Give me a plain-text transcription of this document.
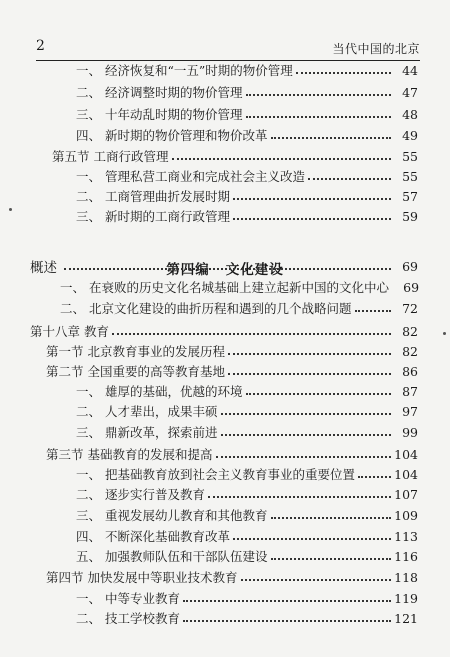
2	当代中国的北京
第四编 文化建设
一、 经济恢复和“一五”时期的物价管理	44
二、 经济调整时期的物价管理	47
三、 十年动乱时期的物价管理	48
四、 新时期的物价管理和物价改革	49
第五节 工商行政管理	55
一、 管理私营工商业和完成社会主义改造	55
二、 工商管理曲折发展时期	57
三、 新时期的工商行政管理	59
概述	69
一、 在衰败的历史文化名城基础上建立起新中国的文化中心	69
二、 北京文化建设的曲折历程和遇到的几个战略问题	72
第十八章 教育	82
第一节 北京教育事业的发展历程	82
第二节 全国重要的高等教育基地	86
一、 雄厚的基础，优越的环境	87
二、 人才辈出，成果丰硕	97
三、 鼎新改革，探索前进	99
第三节 基础教育的发展和提高	104
一、 把基础教育放到社会主义教育事业的重要位置	104
二、 逐步实行普及教育	107
三、 重视发展幼儿教育和其他教育	109
四、 不断深化基础教育改革	113
五、 加强教师队伍和干部队伍建设	116
第四节 加快发展中等职业技术教育	118
一、 中等专业教育	119
二、 技工学校教育	121
